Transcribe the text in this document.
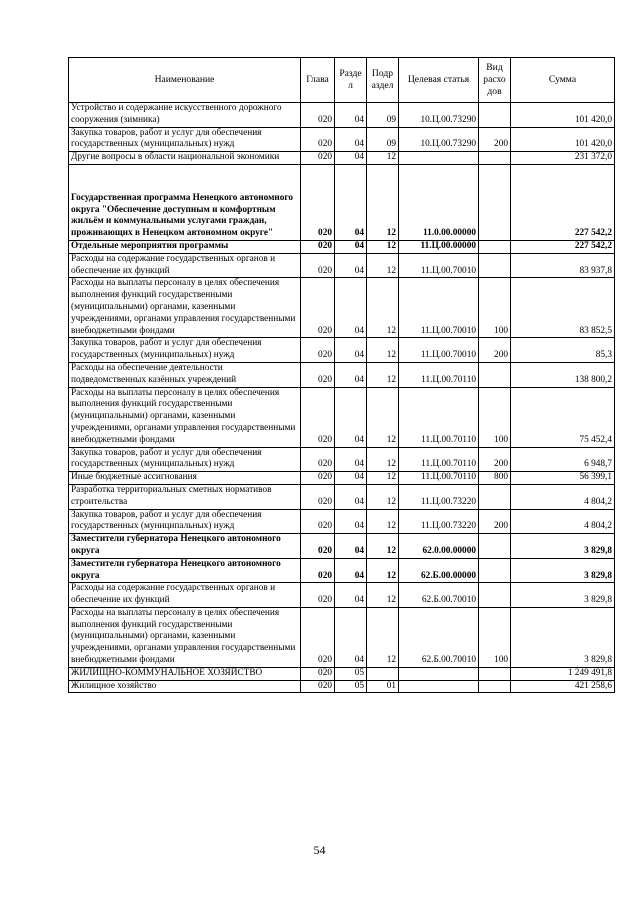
Наименование	Глава	Разде л	Подр аздел	Целевая статья	Вид расхо дов	Сумма
Устройство и содержание искусственного дорожного сооружения (зимника)	020	04	09	10.Ц.00.73290		101 420,0
Закупка товаров, работ и услуг для обеспечения государственных (муниципальных) нужд	020	04	09	10.Ц.00.73290	200	101 420,0
Другие вопросы в области национальной экономики	020	04	12			231 372,0
Государственная программа Ненецкого автономного округа "Обеспечение доступным и комфортным жильём и коммунальными услугами граждан, проживающих в Ненецком автономном округе"	020	04	12	11.0.00.00000		227 542,2
Отдельные мероприятия программы	020	04	12	11.Ц.00.00000		227 542,2
Расходы на содержание государственных органов и обеспечение их функций	020	04	12	11.Ц.00.70010		83 937,8
Расходы на выплаты персоналу в целях обеспечения выполнения функций государственными (муниципальными) органами, казенными учреждениями, органами управления государственными внебюджетными фондами	020	04	12	11.Ц.00.70010	100	83 852,5
Закупка товаров, работ и услуг для обеспечения государственных (муниципальных) нужд	020	04	12	11.Ц.00.70010	200	85,3
Расходы на обеспечение деятельности подведомственных казённых учреждений	020	04	12	11.Ц.00.70110		138 800,2
Расходы на выплаты персоналу в целях обеспечения выполнения функций государственными (муниципальными) органами, казенными учреждениями, органами управления государственными внебюджетными фондами	020	04	12	11.Ц.00.70110	100	75 452,4
Закупка товаров, работ и услуг для обеспечения государственных (муниципальных) нужд	020	04	12	11.Ц.00.70110	200	6 948,7
Иные бюджетные ассигнования	020	04	12	11.Ц.00.70110	800	56 399,1
Разработка территориальных сметных нормативов строительства	020	04	12	11.Ц.00.73220		4 804,2
Закупка товаров, работ и услуг для обеспечения государственных (муниципальных) нужд	020	04	12	11.Ц.00.73220	200	4 804,2
Заместители губернатора Ненецкого автономного округа	020	04	12	62.0.00.00000		3 829,8
Заместители губернатора Ненецкого автономного округа	020	04	12	62.Б.00.00000		3 829,8
Расходы на содержание государственных органов и обеспечение их функций	020	04	12	62.Б.00.70010		3 829,8
Расходы на выплаты персоналу в целях обеспечения выполнения функций государственными (муниципальными) органами, казенными учреждениями, органами управления государственными внебюджетными фондами	020	04	12	62.Б.00.70010	100	3 829,8
ЖИЛИЩНО-КОММУНАЛЬНОЕ ХОЗЯЙСТВО	020	05				1 249 491,8
Жилищное хозяйство	020	05	01			421 258,6
54
